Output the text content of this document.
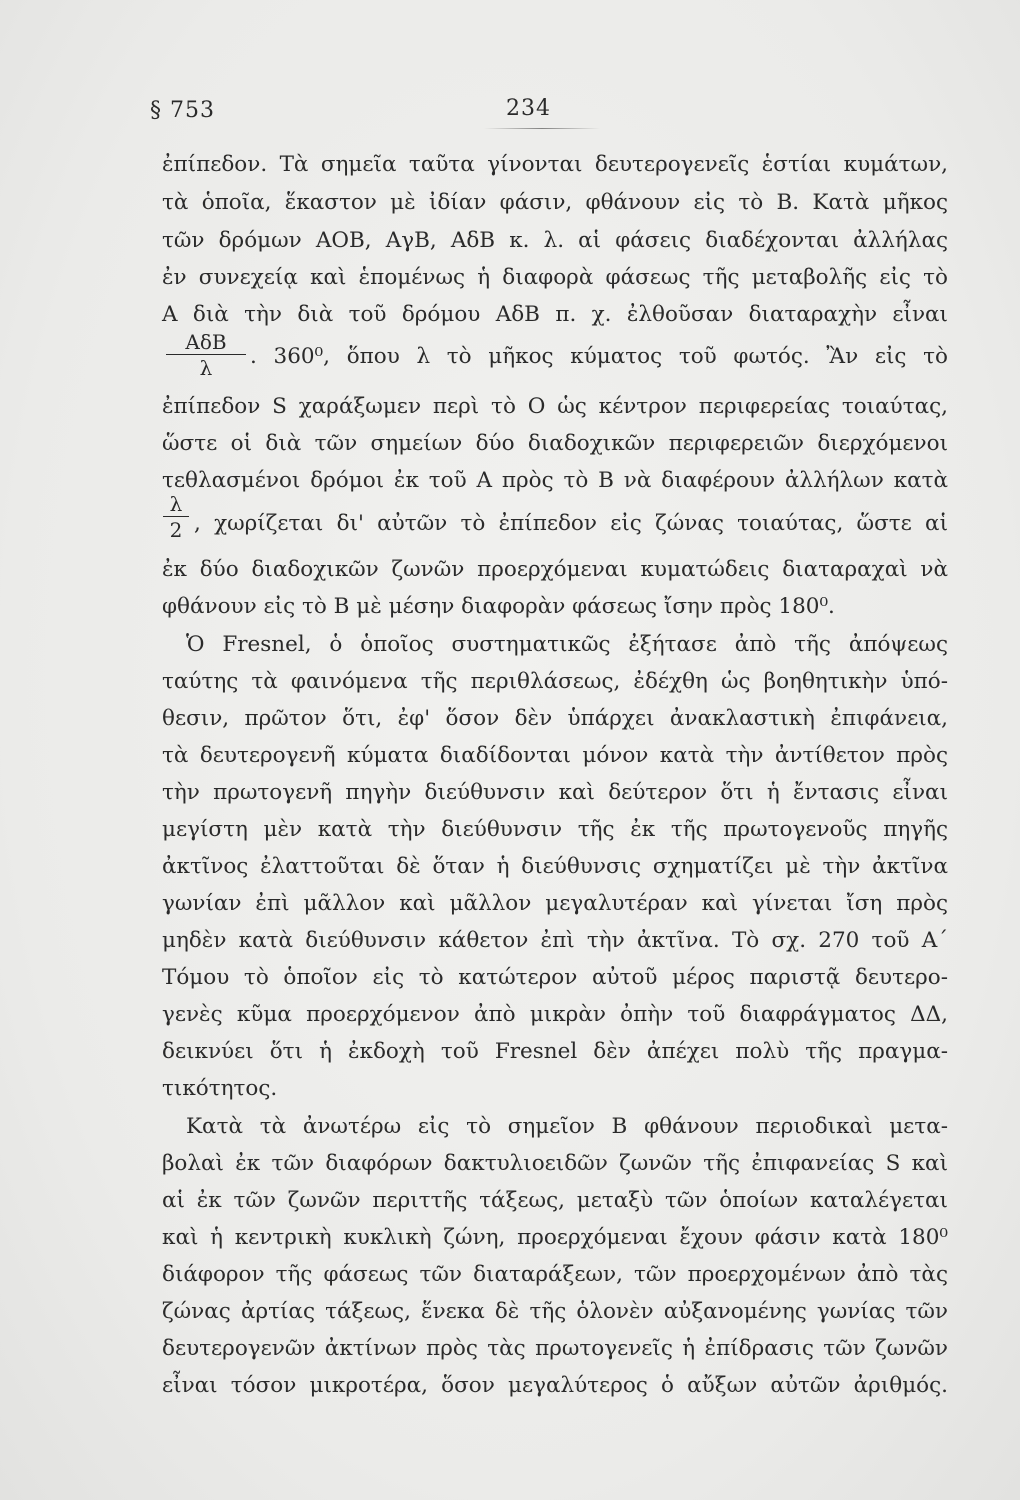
§ 753	234
ἐπίπεδον. Τὰ σημεῖα ταῦτα γίνονται δευτερογενεῖς ἑστίαι κυμάτων,
τὰ ὁποῖα, ἕκαστον μὲ ἰδίαν φάσιν, φθάνουν εἰς τὸ Β. Κατὰ μῆκος
τῶν δρόμων ΑΟΒ, ΑγΒ, ΑδΒ κ. λ. αἱ φάσεις διαδέχονται ἀλλήλας
ἐν συνεχείᾳ καὶ ἑπομένως ἡ διαφορὰ φάσεως τῆς μεταβολῆς εἰς τὸ
Α διὰ τὴν διὰ τοῦ δρόμου ΑδΒ π. χ. ἐλθοῦσαν διαταραχὴν εἶναι
ΑδΒ
λ	. 360⁰, ὅπου λ τὸ μῆκος κύματος τοῦ φωτός. Ἂν εἰς τὸ
ἐπίπεδον S χαράξωμεν περὶ τὸ Ο ὡς κέντρον περιφερείας τοιαύτας,
ὥστε οἱ διὰ τῶν σημείων δύο διαδοχικῶν περιφερειῶν διερχόμενοι
τεθλασμένοι δρόμοι ἐκ τοῦ Α πρὸς τὸ Β νὰ διαφέρουν ἀλλήλων κατὰ
λ
2 , χωρίζεται δι' αὐτῶν τὸ ἐπίπεδον εἰς ζώνας τοιαύτας, ὥστε αἱ
ἐκ δύο διαδοχικῶν ζωνῶν προερχόμεναι κυματώδεις διαταραχαὶ νὰ
φθάνουν εἰς τὸ Β μὲ μέσην διαφορὰν φάσεως ἴσην πρὸς 180⁰.
Ὁ Fresnel, ὁ ὁποῖος συστηματικῶς ἐξήτασε ἀπὸ τῆς ἀπόψεως
ταύτης τὰ φαινόμενα τῆς περιθλάσεως, ἐδέχθη ὡς βοηθητικὴν ὑπό-
θεσιν, πρῶτον ὅτι, ἐφ' ὅσον δὲν ὑπάρχει ἀνακλαστικὴ ἐπιφάνεια,
τὰ δευτερογενῆ κύματα διαδίδονται μόνον κατὰ τὴν ἀντίθετον πρὸς
τὴν πρωτογενῆ πηγὴν διεύθυνσιν καὶ δεύτερον ὅτι ἡ ἔντασις εἶναι
μεγίστη μὲν κατὰ τὴν διεύθυνσιν τῆς ἐκ τῆς πρωτογενοῦς πηγῆς
ἀκτῖνος ἐλαττοῦται δὲ ὅταν ἡ διεύθυνσις σχηματίζει μὲ τὴν ἀκτῖνα
γωνίαν ἐπὶ μᾶλλον καὶ μᾶλλον μεγαλυτέραν καὶ γίνεται ἴση πρὸς
μηδὲν κατὰ διεύθυνσιν κάθετον ἐπὶ τὴν ἀκτῖνα. Τὸ σχ. 270 τοῦ Α´
Τόμου τὸ ὁποῖον εἰς τὸ κατώτερον αὐτοῦ μέρος παριστᾷ δευτερο-
γενὲς κῦμα προερχόμενον ἀπὸ μικρὰν ὀπὴν τοῦ διαφράγματος ΔΔ,
δεικνύει ὅτι ἡ ἐκδοχὴ τοῦ Fresnel δὲν ἀπέχει πολὺ τῆς πραγμα-
τικότητος.
Κατὰ τὰ ἀνωτέρω εἰς τὸ σημεῖον Β φθάνουν περιοδικαὶ μετα-
βολαὶ ἐκ τῶν διαφόρων δακτυλιοειδῶν ζωνῶν τῆς ἐπιφανείας S καὶ
αἱ ἐκ τῶν ζωνῶν περιττῆς τάξεως, μεταξὺ τῶν ὁποίων καταλέγεται
καὶ ἡ κεντρικὴ κυκλικὴ ζώνη, προερχόμεναι ἔχουν φάσιν κατὰ 180⁰
διάφορον τῆς φάσεως τῶν διαταράξεων, τῶν προερχομένων ἀπὸ τὰς
ζώνας ἀρτίας τάξεως, ἕνεκα δὲ τῆς ὁλονὲν αὐξανομένης γωνίας τῶν
δευτερογενῶν ἀκτίνων πρὸς τὰς πρωτογενεῖς ἡ ἐπίδρασις τῶν ζωνῶν
εἶναι τόσον μικροτέρα, ὅσον μεγαλύτερος ὁ αὔξων αὐτῶν ἀριθμός.
